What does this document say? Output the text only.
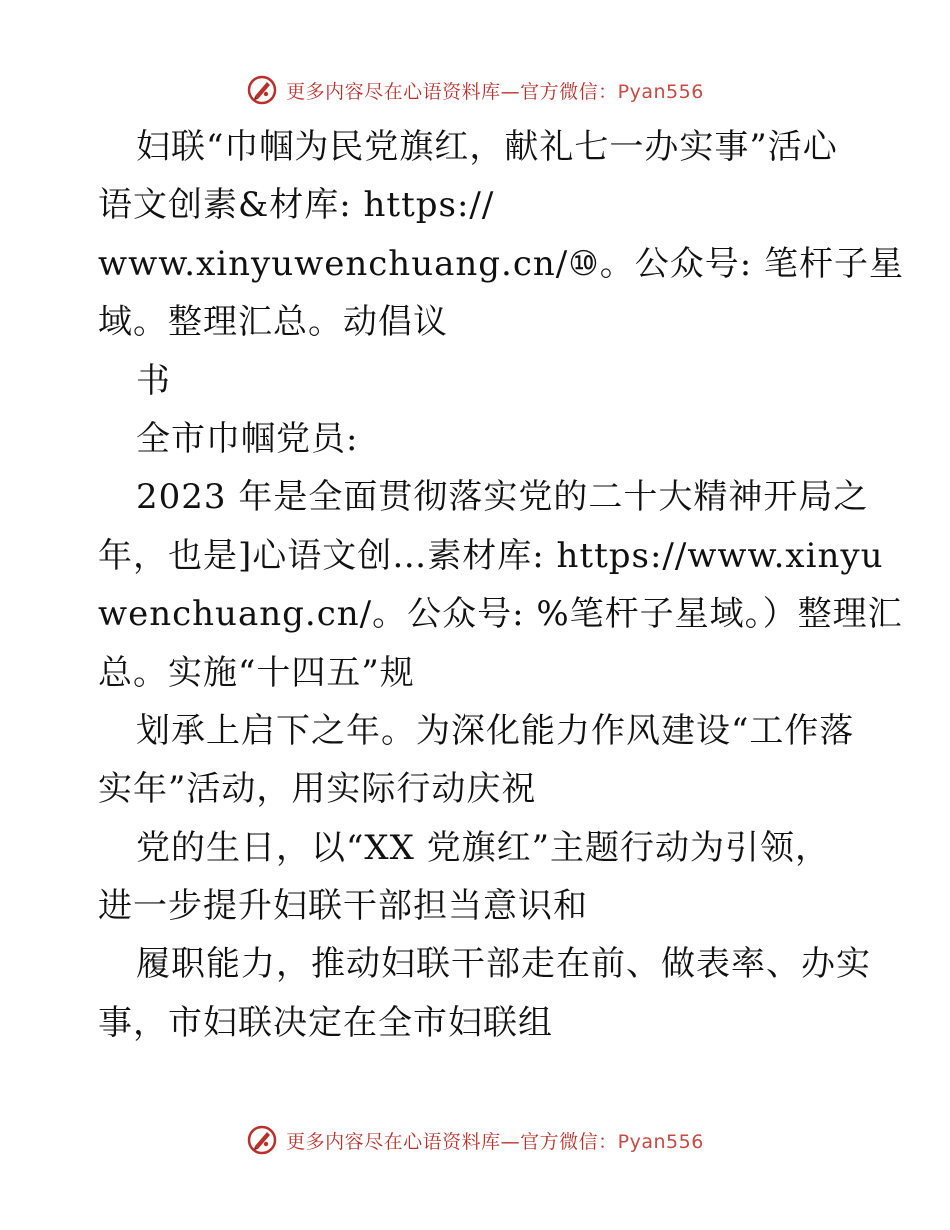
更多内容尽在心语资料库—官方微信：Pyan556
妇联“巾帼为民党旗红，献礼七一办实事”活心
语文创素&材库: https://
www.xinyuwenchuang.cn/⑩。公众号: 笔杆子星
域。整理汇总。动倡议
书
全市巾帼党员:
2023 年是全面贯彻落实党的二十大精神开局之
年，也是]心语文创…素材库: https://www.xinyu
wenchuang.cn/。公众号: %笔杆子星域。）整理汇
总。实施“十四五”规
划承上启下之年。为深化能力作风建设“工作落
实年”活动，用实际行动庆祝
党的生日，以“XX 党旗红”主题行动为引领，
进一步提升妇联干部担当意识和
履职能力，推动妇联干部走在前、做表率、办实
事，市妇联决定在全市妇联组
更多内容尽在心语资料库—官方微信：Pyan556
